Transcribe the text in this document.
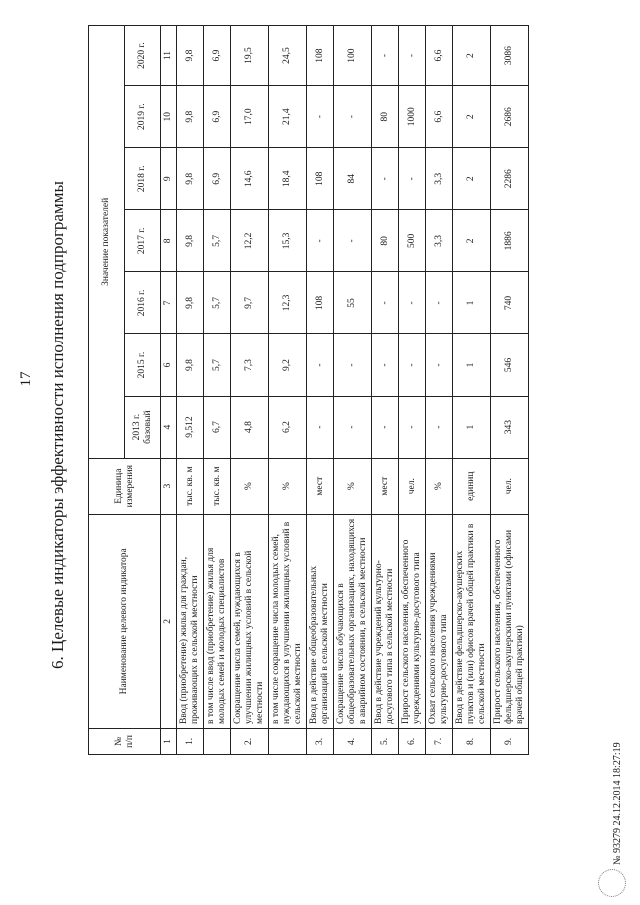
17 6. Целевые индикаторы эффективности исполнения подпрограммы
№ п/п	Наименование целевого индикатора	Единица измерения	Значение показателей						
			2013 г. базовый	2015 г.	2016 г.	2017 г.	2018 г.	2019 г.	2020 г.
1	2	3	4	6	7	8	9	10	11
1.	Ввод (приобретение) жилья для граждан, проживающих в сельской местности	тыс. кв. м	9,512	9,8	9,8	9,8	9,8	9,8	9,8
	в том числе ввод (приобретение) жилья для молодых семей и молодых специалистов	тыс. кв. м	6,7	5,7	5,7	5,7	6,9	6,9	6,9
2.	Сокращение числа семей, нуждающихся в улучшении жилищных условий в сельской местности	%	4,8	7,3	9,7	12,2	14,6	17,0	19,5
	в том числе сокращение числа молодых семей, нуждающихся в улучшении жилищных условий в сельской местности	%	6,2	9,2	12,3	15,3	18,4	21,4	24,5
3.	Ввод в действие общеобразовательных организаций в сельской местности	мест	-	-	108	-	108	-	108
4.	Сокращение числа обучающихся в общеобразовательных организациях, находящихся в аварийном состоянии, в сельской местности	%	-	-	55	-	84	-	100
5.	Ввод в действие учреждений культурно-досугового типа в сельской местности	мест	-	-	-	80	-	80	-
6.	Прирост сельского населения, обеспеченного учреждениями культурно-досугового типа	чел.	-	-	-	500	-	1000	-
7.	Охват сельского населения учреждениями культурно-досугового типа	%	-	-	-	3,3	3,3	6,6	6,6
8.	Ввод в действие фельдшерско-акушерских пунктов и (или) офисов врачей общей практики в сельской местности	единиц	1	1	1	2	2	2	2
9.	Прирост сельского населения, обеспеченного фельдшерско-акушерскими пунктами (офисами врачей общей практики)	чел.	343	546	740	1886	2286	2686	3086
№ 93279 24.12.2014 18:27:19
